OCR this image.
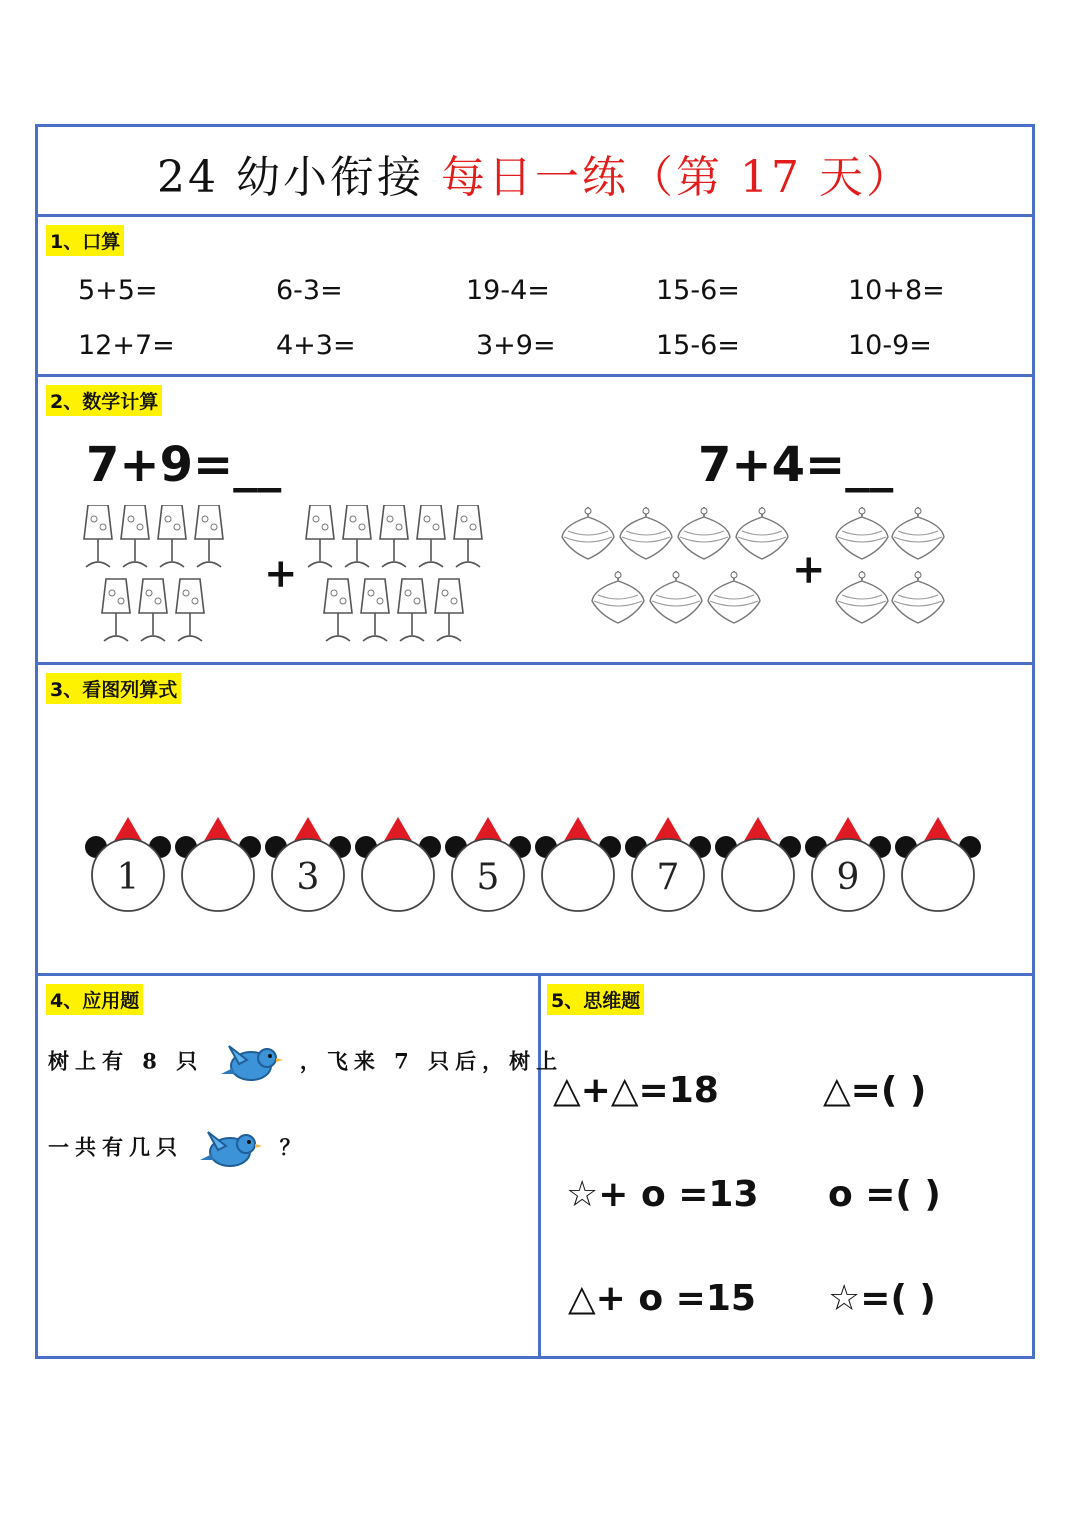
24 幼小衔接 每日一练（第 17 天）
1、口算
5+5=	6-3=	19-4=	15-6=	10+8=
12+7=	4+3=	3+9=	15-6=	10-9=
2、数学计算
7+9=__	7+4=__
+	+
3、看图列算式
1	3	5	7	9
4、应用题
树上有 8 只	，飞来 7 只后，树上
一共有几只	？
5、思维题
△+△=18	△=( )
☆+ o =13 o =( )
△+ o =15 ☆=( )
